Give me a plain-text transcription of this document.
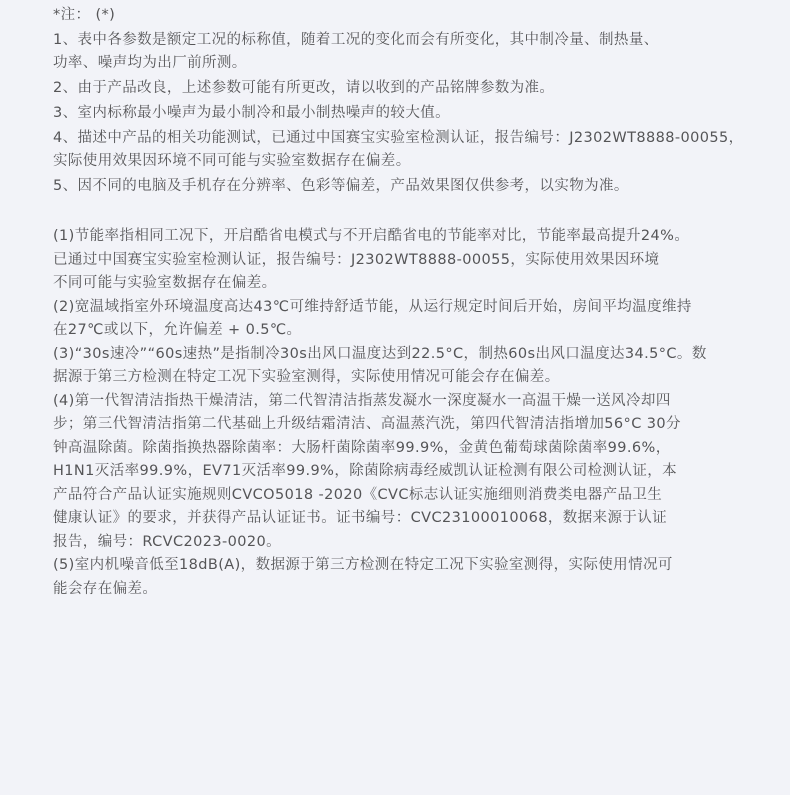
*注： (*)

1、表中各参数是额定工况的标称值，随着工况的变化而会有所变化，其中制冷量、制热量、
功率、噪声均为出厂前所测。

2、由于产品改良，上述参数可能有所更改，请以收到的产品铭牌参数为准。

3、室内标称最小噪声为最小制冷和最小制热噪声的较大值。

4、描述中产品的相关功能测试，已通过中国赛宝实验室检测认证，报告编号：J2302WT8888-00055，
实际使用效果因环境不同可能与实验室数据存在偏差。

5、因不同的电脑及手机存在分辨率、色彩等偏差，产品效果图仅供参考，以实物为准。

(1)节能率指相同工况下，开启酷省电模式与不开启酷省电的节能率对比，节能率最高提升24%。
已通过中国赛宝实验室检测认证，报告编号：J2302WT8888-00055，实际使用效果因环境
不同可能与实验室数据存在偏差。

(2)宽温域指室外环境温度高达43℃可维持舒适节能，从运行规定时间后开始，房间平均温度维持
在27℃或以下，允许偏差 + 0.5℃。

(3)“30s速冷”“60s速热”是指制冷30s出风口温度达到22.5°C，制热60s出风口温度达34.5°C。数
据源于第三方检测在特定工况下实验室测得，实际使用情况可能会存在偏差。

(4)第一代智清洁指热干燥清洁，第二代智清洁指蒸发凝水一深度凝水一高温干燥一送风冷却四
步；第三代智清洁指第二代基础上升级结霜清洁、高温蒸汽洗，第四代智清洁指增加56°C 30分
钟高温除菌。除菌指换热器除菌率：大肠杆菌除菌率99.9%，金黄色葡萄球菌除菌率99.6%，
H1N1灭活率99.9%，EV71灭活率99.9%，除菌除病毒经威凯认证检测有限公司检测认证，本
产品符合产品认证实施规则CVCO5018 -2020《CVC标志认证实施细则消费类电器产品卫生
健康认证》的要求，并获得产品认证证书。证书编号：CVC23100010068，数据来源于认证
报告，编号：RCVC2023-0020。

(5)室内机噪音低至18dB(A)，数据源于第三方检测在特定工况下实验室测得，实际使用情况可
能会存在偏差。
